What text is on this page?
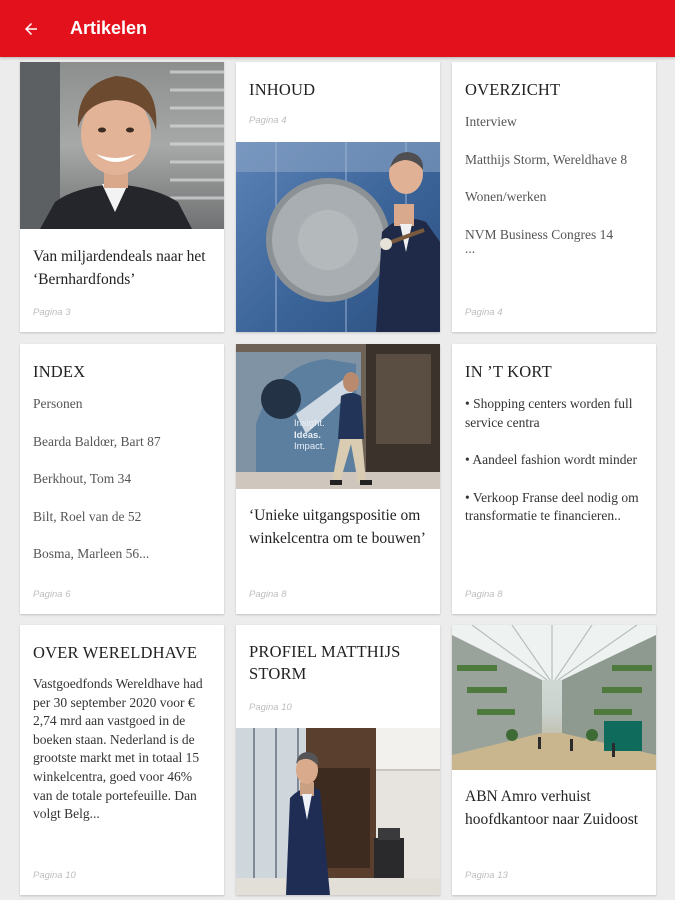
Artikelen
Van miljardendeals naar het ‘Bernhardfonds’
Pagina 3
INHOUD
Pagina 4
OVERZICHT
Interview
Matthijs Storm, Wereldhave 8
Wonen/werken
NVM Business Congres 14
...
Pagina 4
INDEX
Personen
Bearda Baldœr, Bart 87
Berkhout, Tom 34
Bilt, Roel van de 52
Bosma, Marleen 56...
Pagina 6
Insight.
Ideas.
Impact.
‘Unieke uitgangspositie om winkelcentra om te bouwen’
Pagina 8
IN ’T KORT
• Shopping centers worden full service centra
• Aandeel fashion wordt minder
• Verkoop Franse deel nodig om transformatie te financieren..
Pagina 8
OVER WERELDHAVE
Vastgoedfonds Wereldhave had per 30 september 2020 voor € 2,74 mrd aan vastgoed in de boeken staan. Nederland is de grootste markt met in totaal 15 winkelcentra, goed voor 46% van de totale portefeuille. Dan volgt Belg...
Pagina 10
PROFIEL MATTHIJS STORM
Pagina 10
ABN Amro verhuist hoofdkantoor naar Zuidoost
Pagina 13
